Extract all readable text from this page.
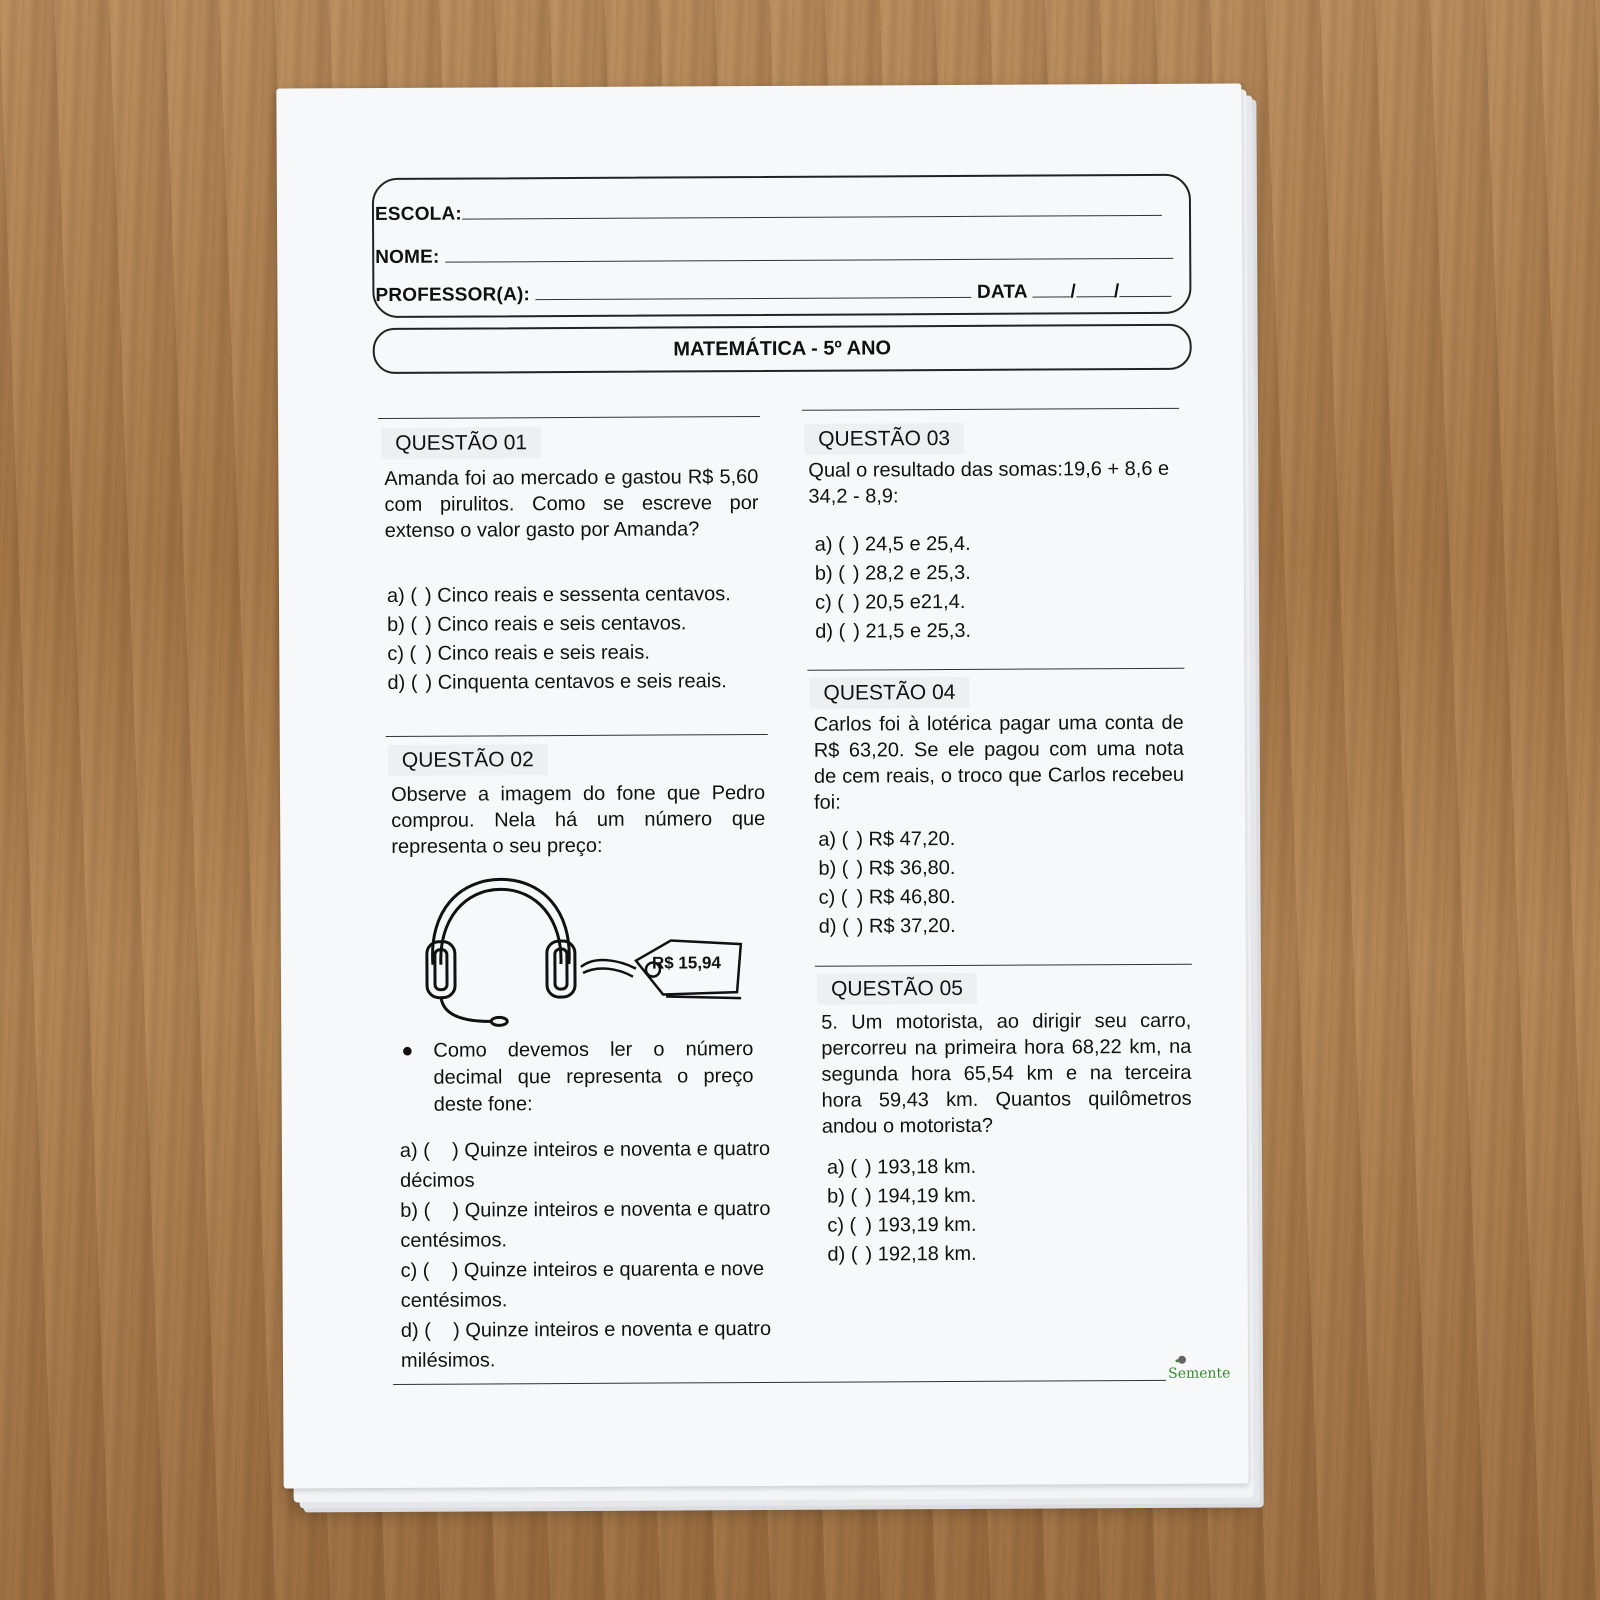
ESCOLA:
NOME:
PROFESSOR(A):	DATA / /
MATEMÁTICA - 5º ANO
QUESTÃO 01
Amanda foi ao mercado e gastou R$ 5,60 com pirulitos. Como se escreve por extenso o valor gasto por Amanda?
a) ( ) Cinco reais e sessenta centavos.
b) ( ) Cinco reais e seis centavos.
c) ( ) Cinco reais e seis reais.
d) ( ) Cinquenta centavos e seis reais.
QUESTÃO 02
Observe a imagem do fone que Pedro comprou. Nela há um número que representa o seu preço:
R$ 15,94
● Como devemos ler o número decimal que representa o preço deste fone:
a) ( ) Quinze inteiros e noventa e quatro décimos
b) ( ) Quinze inteiros e noventa e quatro centésimos.
c) ( ) Quinze inteiros e quarenta e nove centésimos.
d) ( ) Quinze inteiros e noventa e quatro milésimos.
QUESTÃO 03
Qual o resultado das somas:19,6 + 8,6 e 34,2 - 8,9:
a) ( ) 24,5 e 25,4.
b) ( ) 28,2 e 25,3.
c) ( ) 20,5 e21,4.
d) ( ) 21,5 e 25,3.
QUESTÃO 04
Carlos foi à lotérica pagar uma conta de R$ 63,20. Se ele pagou com uma nota de cem reais, o troco que Carlos recebeu foi:
a) ( ) R$ 47,20.
b) ( ) R$ 36,80.
c) ( ) R$ 46,80.
d) ( ) R$ 37,20.
QUESTÃO 05
5. Um motorista, ao dirigir seu carro, percorreu na primeira hora 68,22 km, na segunda hora 65,54 km e na terceira hora 59,43 km. Quantos quilômetros andou o motorista?
a) ( ) 193,18 km.
b) ( ) 194,19 km.
c) ( ) 193,19 km.
d) ( ) 192,18 km.
Semente
